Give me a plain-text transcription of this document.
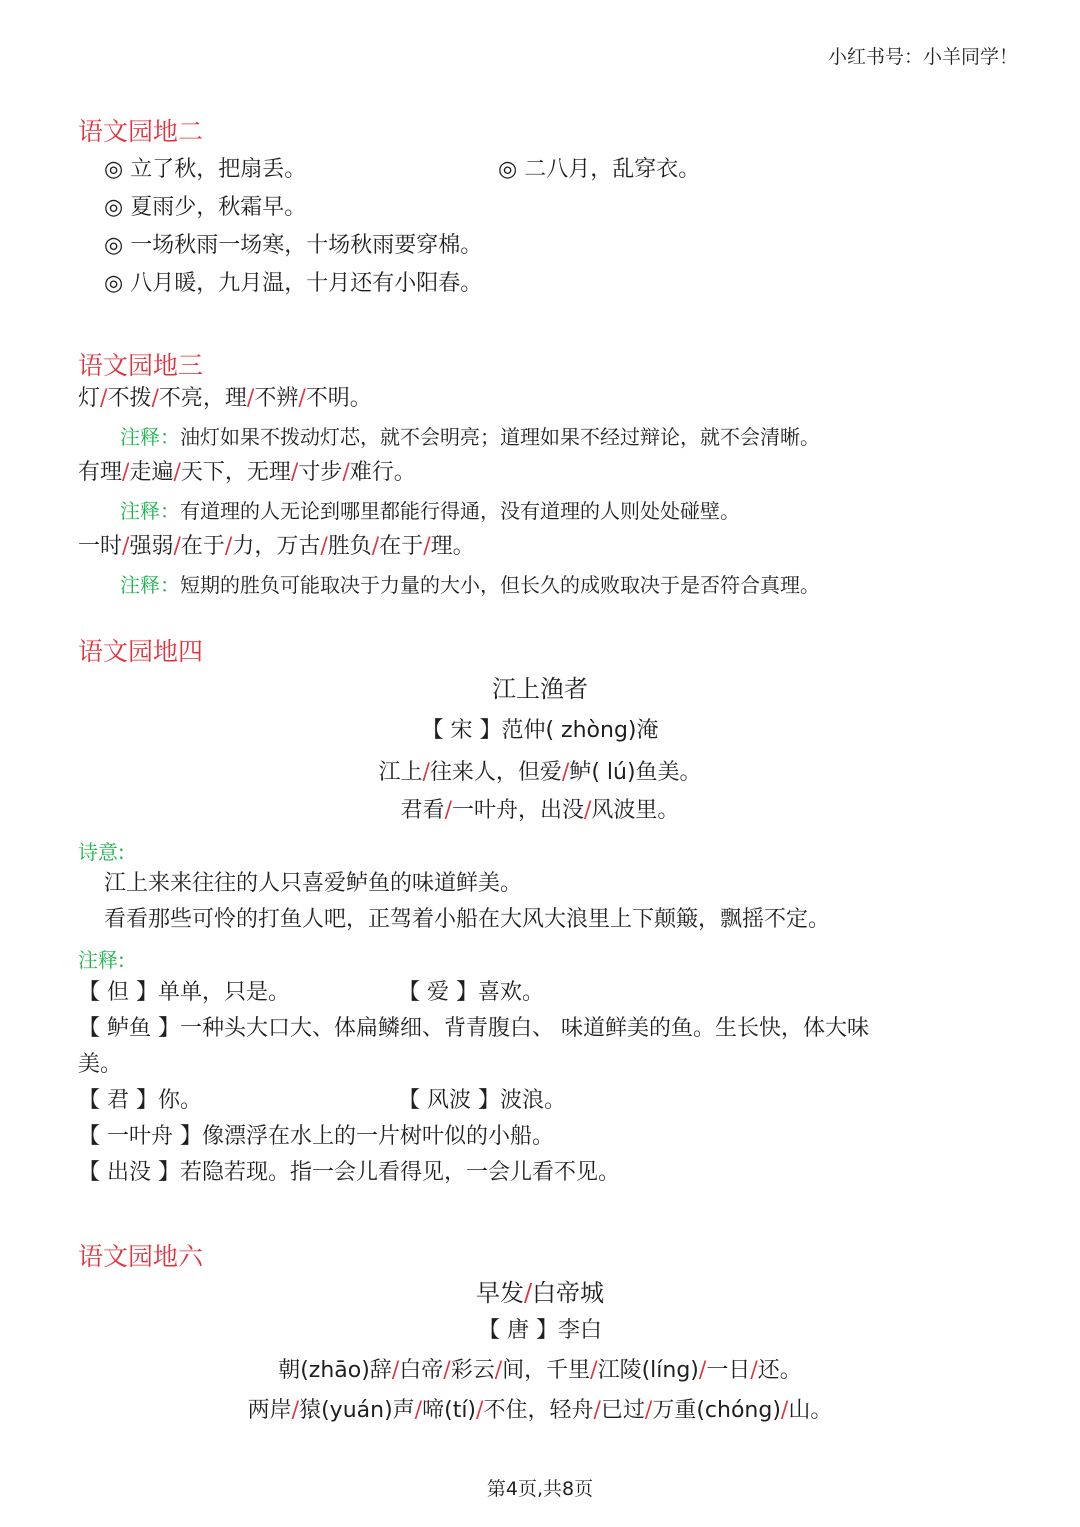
小红书号：小羊同学！
语文园地二
◎ 立了秋，把扇丢。	◎ 二八月，乱穿衣。
◎ 夏雨少，秋霜早。
◎ 一场秋雨一场寒，十场秋雨要穿棉。
◎ 八月暖，九月温，十月还有小阳春。
语文园地三
灯/不拨/不亮，理/不辨/不明。
注释：油灯如果不拨动灯芯，就不会明亮；道理如果不经过辩论，就不会清晰。
有理/走遍/天下，无理/寸步/难行。
注释：有道理的人无论到哪里都能行得通，没有道理的人则处处碰壁。
一时/强弱/在于/力，万古/胜负/在于/理。
注释：短期的胜负可能取决于力量的大小，但长久的成败取决于是否符合真理。
语文园地四
江上渔者
【 宋 】范仲( zhòng)淹
江上/往来人，但爱/鲈( lú)鱼美。
君看/一叶舟，出没/风波里。
诗意:
江上来来往往的人只喜爱鲈鱼的味道鲜美。
看看那些可怜的打鱼人吧，正驾着小船在大风大浪里上下颠簸，飘摇不定。
注释:
【 但 】单单，只是。	【 爱 】喜欢。
【 鲈鱼 】一种头大口大、体扁鳞细、背青腹白、 味道鲜美的鱼。生长快，体大味
美。
【 君 】你。	【 风波 】波浪。
【 一叶舟 】像漂浮在水上的一片树叶似的小船。
【 出没 】若隐若现。指一会儿看得见，一会儿看不见。
语文园地六
早发/白帝城
【 唐 】李白
朝(zhāo)辞/白帝/彩云/间，千里/江陵(líng)/一日/还。
两岸/猿(yuán)声/啼(tí)/不住，轻舟/已过/万重(chóng)/山。
第4页,共8页
